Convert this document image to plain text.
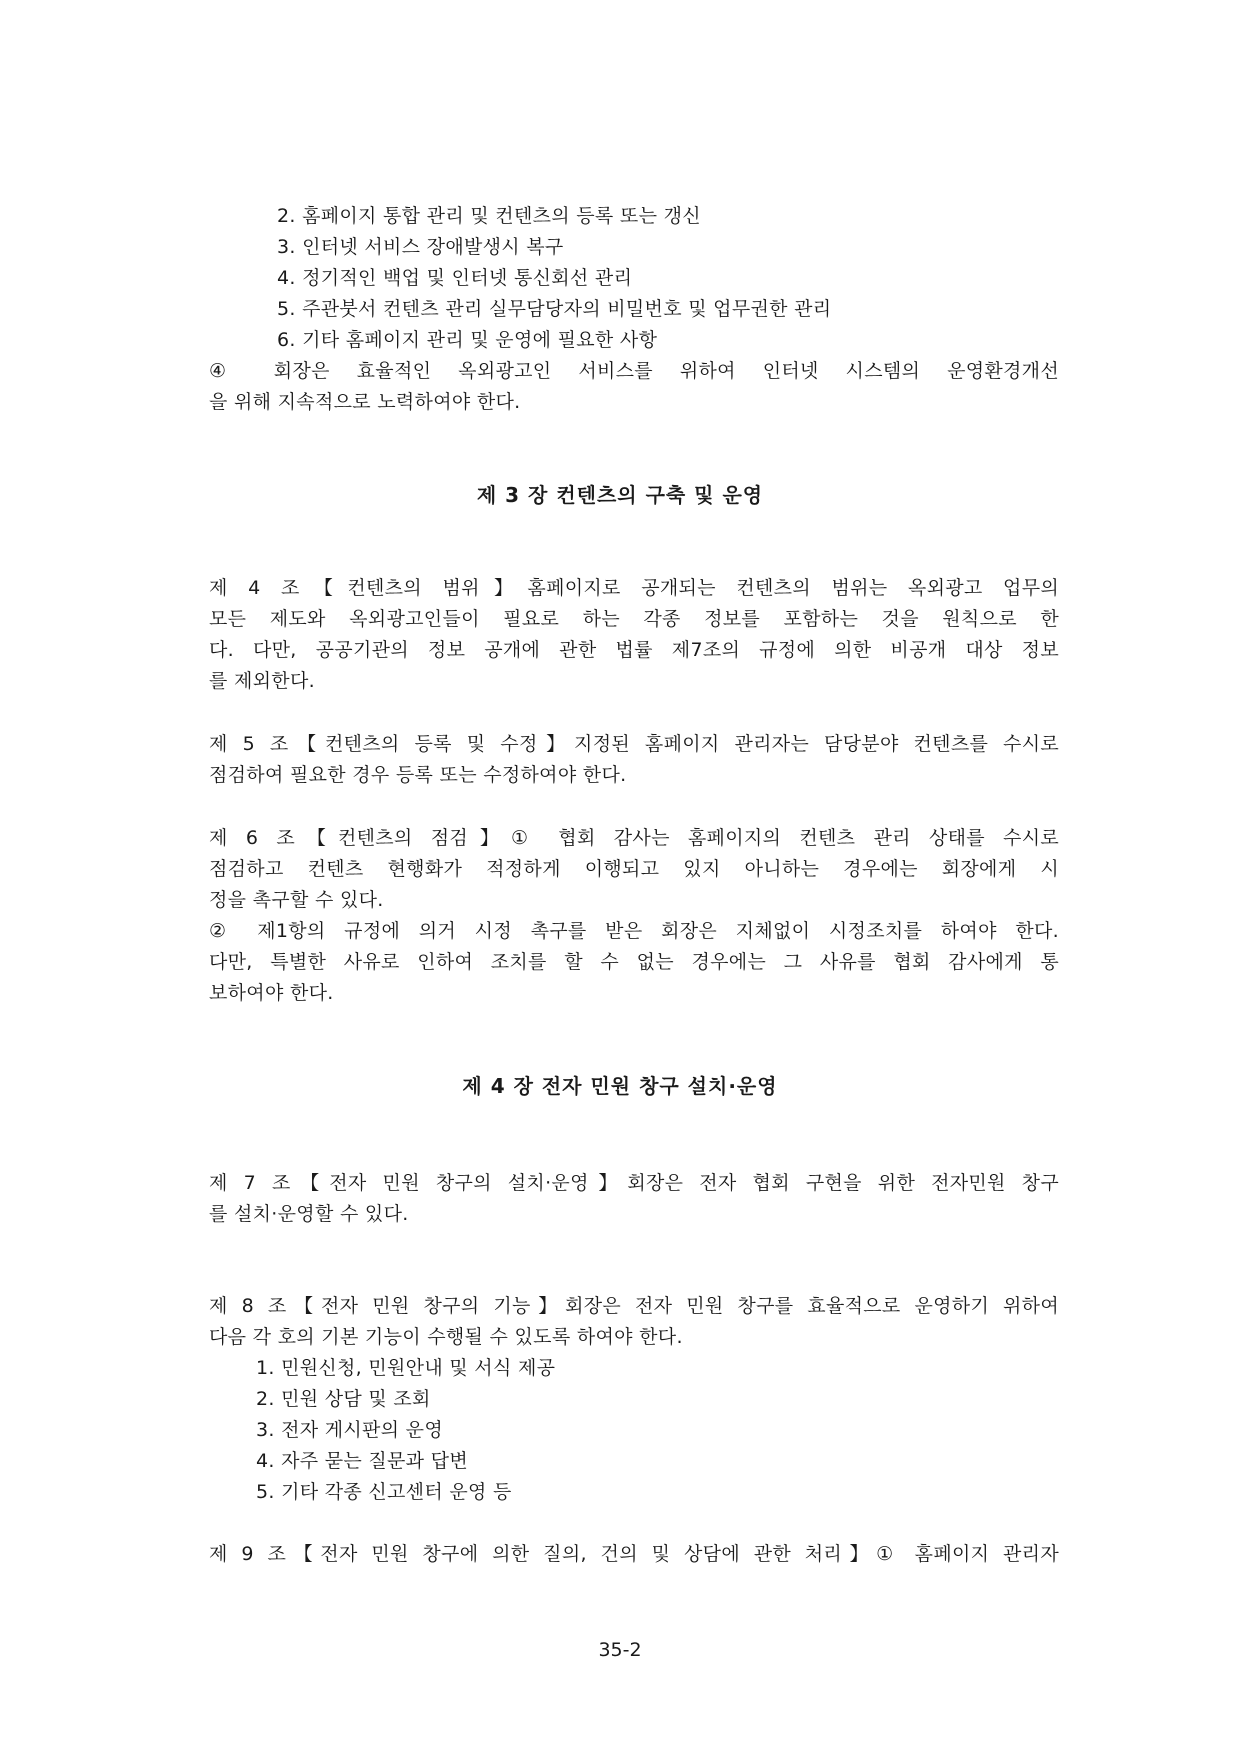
2. 홈페이지 통합 관리 및 컨텐츠의 등록 또는 갱신
3. 인터넷 서비스 장애발생시 복구
4. 정기적인 백업 및 인터넷 통신회선 관리
5. 주관붓서 컨텐츠 관리 실무담당자의 비밀번호 및 업무권한 관리
6. 기타 홈페이지 관리 및 운영에 필요한 사항
④ 회장은 효율적인 옥외광고인 서비스를 위하여 인터넷 시스템의 운영환경개선
을 위해 지속적으로 노력하여야 한다.
제 3 장 컨텐츠의 구축 및 운영
제 4 조【컨텐츠의 범위】홈페이지로 공개되는 컨텐츠의 범위는 옥외광고 업무의
모든 제도와 옥외광고인들이 필요로 하는 각종 정보를 포함하는 것을 원칙으로 한
다. 다만, 공공기관의 정보 공개에 관한 법률 제7조의 규정에 의한 비공개 대상 정보
를 제외한다.
제 5 조【컨텐츠의 등록 및 수정】지정된 홈페이지 관리자는 담당분야 컨텐츠를 수시로
점검하여 필요한 경우 등록 또는 수정하여야 한다.
제 6 조【컨텐츠의 점검】① 협회 감사는 홈페이지의 컨텐츠 관리 상태를 수시로
점검하고 컨텐츠 현행화가 적정하게 이행되고 있지 아니하는 경우에는 회장에게 시
정을 촉구할 수 있다.
② 제1항의 규정에 의거 시정 촉구를 받은 회장은 지체없이 시정조치를 하여야 한다.
다만, 특별한 사유로 인하여 조치를 할 수 없는 경우에는 그 사유를 협회 감사에게 통
보하여야 한다.
제 4 장 전자 민원 창구 설치·운영
제 7 조【전자 민원 창구의 설치·운영】회장은 전자 협회 구현을 위한 전자민원 창구
를 설치·운영할 수 있다.
제 8 조【전자 민원 창구의 기능】회장은 전자 민원 창구를 효율적으로 운영하기 위하여
다음 각 호의 기본 기능이 수행될 수 있도록 하여야 한다.
1. 민원신청, 민원안내 및 서식 제공
2. 민원 상담 및 조회
3. 전자 게시판의 운영
4. 자주 묻는 질문과 답변
5. 기타 각종 신고센터 운영 등
제 9 조【전자 민원 창구에 의한 질의, 건의 및 상담에 관한 처리】① 홈페이지 관리자
35-2
